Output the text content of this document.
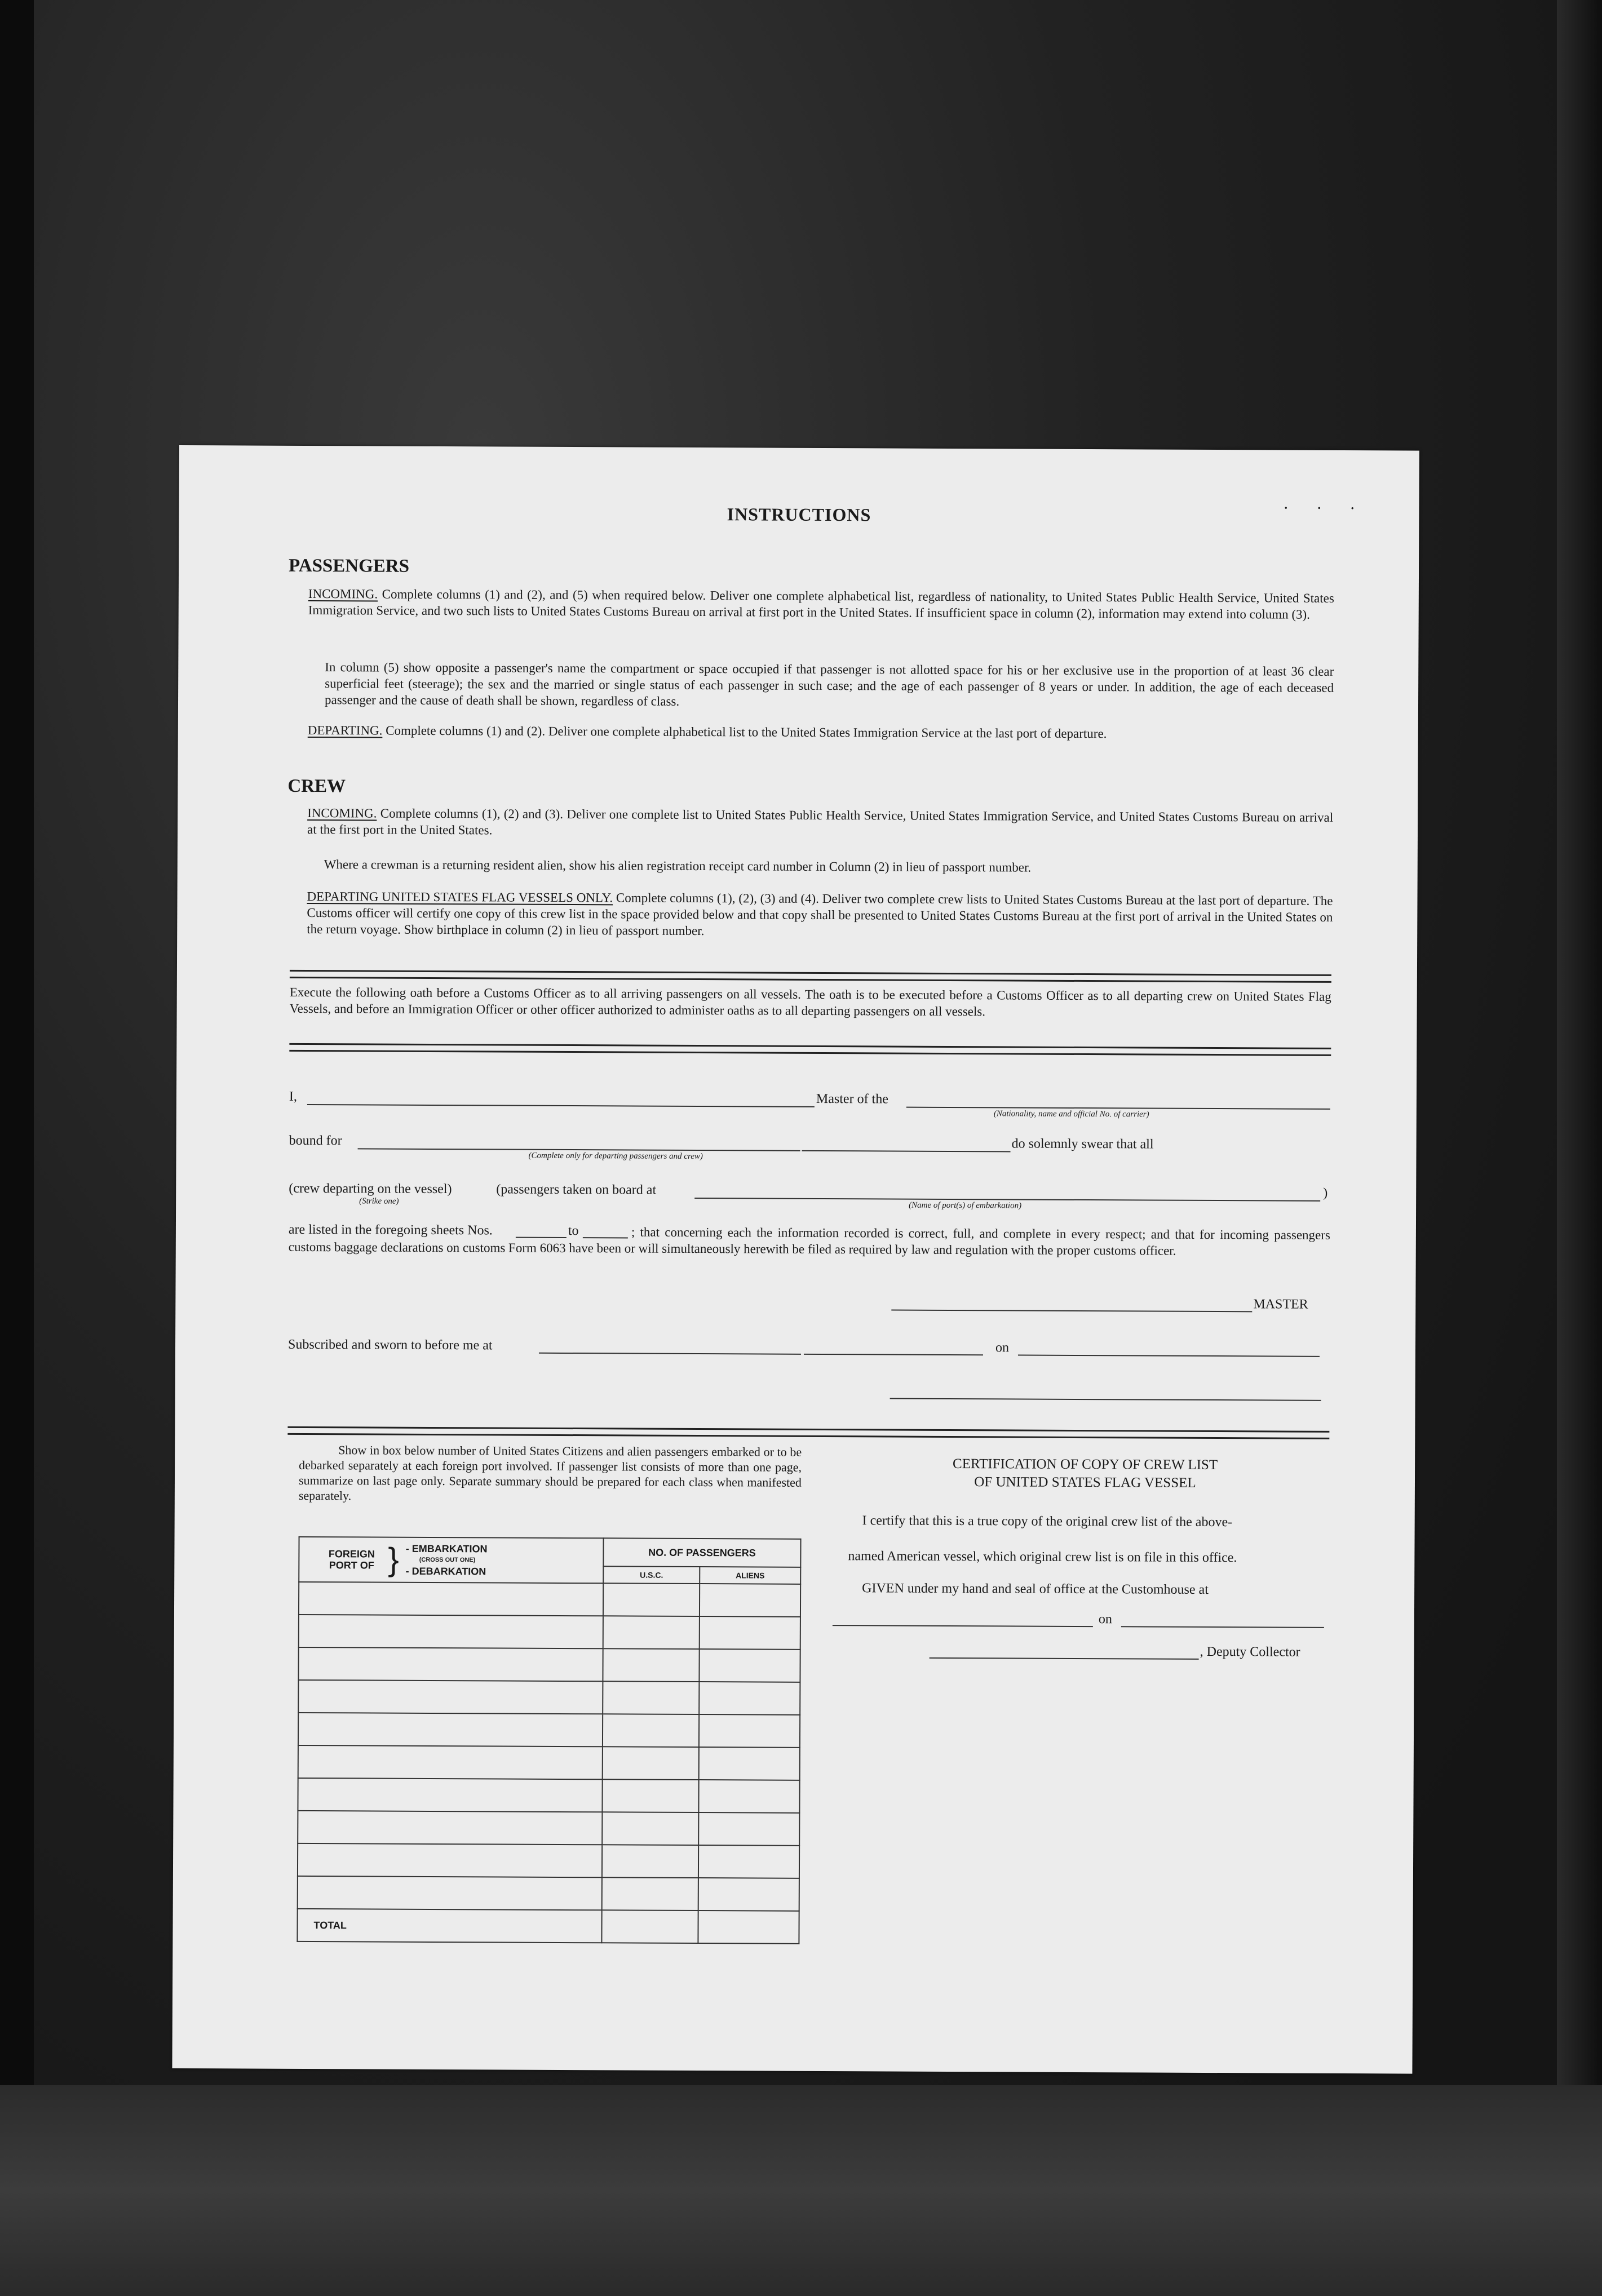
INSTRUCTIONS
. . .
PASSENGERS
INCOMING. Complete columns (1) and (2), and (5) when required below. Deliver one complete alphabetical list, regardless of nationality, to United States Public Health Service, United States Immigration Service, and two such lists to United States Customs Bureau on arrival at first port in the United States. If insufficient space in column (2), information may extend into column (3).
In column (5) show opposite a passenger's name the compartment or space occupied if that passenger is not allotted space for his or her exclusive use in the proportion of at least 36 clear superficial feet (steerage); the sex and the married or single status of each passenger in such case; and the age of each passenger of 8 years or under. In addition, the age of each deceased passenger and the cause of death shall be shown, regardless of class.
DEPARTING. Complete columns (1) and (2). Deliver one complete alphabetical list to the United States Immigration Service at the last port of departure.
CREW
INCOMING. Complete columns (1), (2) and (3). Deliver one complete list to United States Public Health Service, United States Immigration Service, and United States Customs Bureau on arrival at the first port in the United States.
Where a crewman is a returning resident alien, show his alien registration receipt card number in Column (2) in lieu of passport number.
DEPARTING UNITED STATES FLAG VESSELS ONLY. Complete columns (1), (2), (3) and (4). Deliver two complete crew lists to United States Customs Bureau at the last port of departure. The Customs officer will certify one copy of this crew list in the space provided below and that copy shall be presented to United States Customs Bureau at the first port of arrival in the United States on the return voyage. Show birthplace in column (2) in lieu of passport number.
Execute the following oath before a Customs Officer as to all arriving passengers on all vessels. The oath is to be executed before a Customs Officer as to all departing crew on United States Flag Vessels, and before an Immigration Officer or other officer authorized to administer oaths as to all departing passengers on all vessels.
I,	Master of the
(Nationality, name and official No. of carrier)
bound for
(Complete only for departing passengers and crew)
do solemnly swear that all
(crew departing on the vessel)
(Strike one)
(passengers taken on board at
(Name of port(s) of embarkation)
)
are listed in the foregoing sheets Nos.	to	; that concerning each the information recorded is correct, full, and complete in every respect; and that for incoming passengers customs baggage declarations on customs Form 6063 have been or will simultaneously herewith be filed as required by law and regulation with the proper customs officer.
MASTER
Subscribed and sworn to before me at	on
Show in box below number of United States Citizens and alien passengers embarked or to be debarked separately at each foreign port involved. If passenger list consists of more than one page, summarize on last page only. Separate summary should be prepared for each class when manifested separately.
FOREIGN PORT OF } - EMBARKATION
(CROSS OUT ONE)
- DEBARKATION	NO. OF PASSENGERS	
	U.S.C.	ALIENS

TOTAL		
CERTIFICATION OF COPY OF CREW LIST
OF UNITED STATES FLAG VESSEL
I certify that this is a true copy of the original crew list of the above-
named American vessel, which original crew list is on file in this office.
GIVEN under my hand and seal of office at the Customhouse at
on
, Deputy Collector
